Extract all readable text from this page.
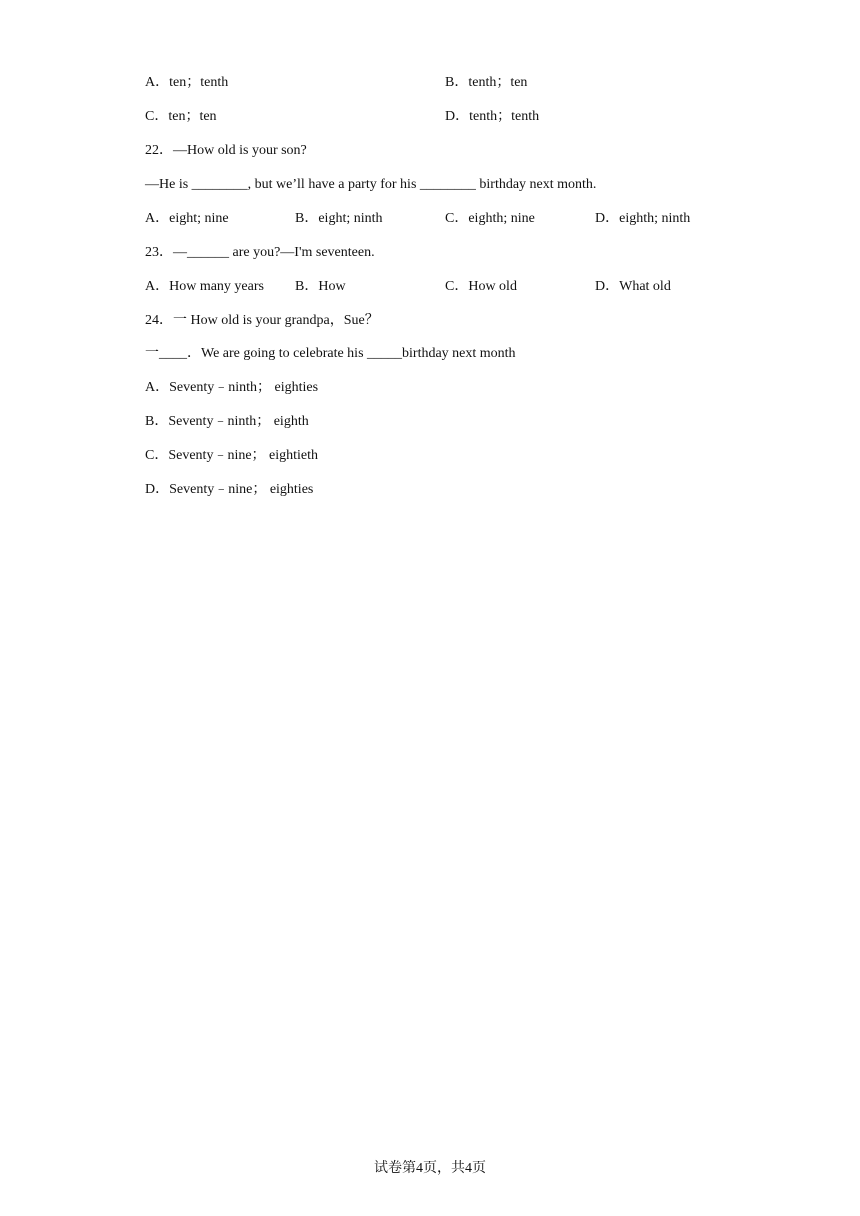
A．ten；tenth	B．tenth；ten
C．ten；ten	D．tenth；tenth
22．—How old is your son?
—He is ________, but we’ll have a party for his ________ birthday next month.
A．eight; nine	B．eight; ninth	C．eighth; nine	D．eighth; ninth
23．—______ are you?—I'm seventeen.
A．How many years B．How	C．How old	D．What old
24．一 How old is your grandpa，Sue？
一____．We are going to celebrate his _____birthday next month
A．Seventy﹣ninth； eighties
B．Seventy﹣ninth； eighth
C．Seventy﹣nine； eightieth
D．Seventy﹣nine； eighties
试卷第4页，共4页
